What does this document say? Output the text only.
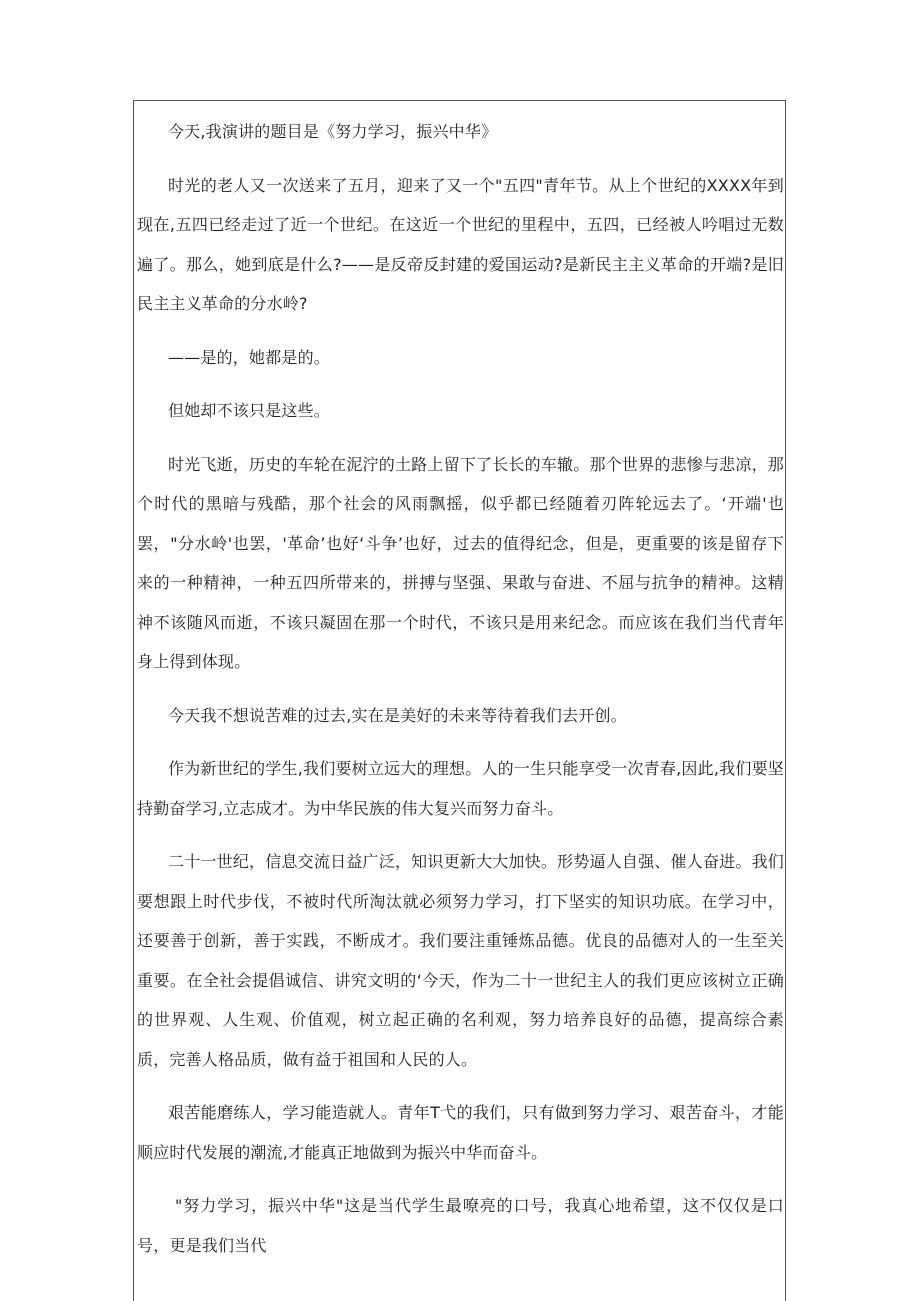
今天,我演讲的题目是《努力学习，振兴中华》

时光的老人又一次送来了五月，迎来了又一个"五四"青年节。从上个世纪的XXXX年到现在,五四已经走过了近一个世纪。在这近一个世纪的里程中，五四，已经被人吟唱过无数遍了。那么，她到底是什么?——是反帝反封建的爱国运动?是新民主主义革命的开端?是旧民主主义革命的分水岭?

——是的，她都是的。

但她却不该只是这些。

时光飞逝，历史的车轮在泥泞的土路上留下了长长的车辙。那个世界的悲惨与悲凉，那个时代的黑暗与残酷，那个社会的风雨飘摇，似乎都已经随着刃阵轮远去了。‘开端'也罢，"分水岭'也罢，'革命’也好‘斗争’也好，过去的值得纪念，但是，更重要的该是留存下来的一种精神，一种五四所带来的，拼搏与坚强、果敢与奋进、不屈与抗争的精神。这精神不该随风而逝，不该只凝固在那一个时代，不该只是用来纪念。而应该在我们当代青年身上得到体现。

今天我不想说苦难的过去,实在是美好的未来等待着我们去开创。

作为新世纪的学生,我们要树立远大的理想。人的一生只能享受一次青春,因此,我们要坚持勤奋学习,立志成才。为中华民族的伟大复兴而努力奋斗。

二十一世纪，信息交流日益广泛，知识更新大大加快。形势逼人自强、催人奋进。我们要想跟上时代步伐，不被时代所淘汰就必须努力学习，打下坚实的知识功底。在学习中，还要善于创新，善于实践，不断成才。我们要注重锤炼品德。优良的品德对人的一生至关重要。在全社会提倡诚信、讲究文明的‘今天，作为二十一世纪主人的我们更应该树立正确的世界观、人生观、价值观，树立起正确的名利观，努力培养良好的品德，提高综合素质，完善人格品质，做有益于祖国和人民的人。

艰苦能磨练人，学习能造就人。青年T弋的我们，只有做到努力学习、艰苦奋斗，才能顺应时代发展的潮流,才能真正地做到为振兴中华而奋斗。

"努力学习，振兴中华"这是当代学生最嘹亮的口号，我真心地希望，这不仅仅是口号，更是我们当代
